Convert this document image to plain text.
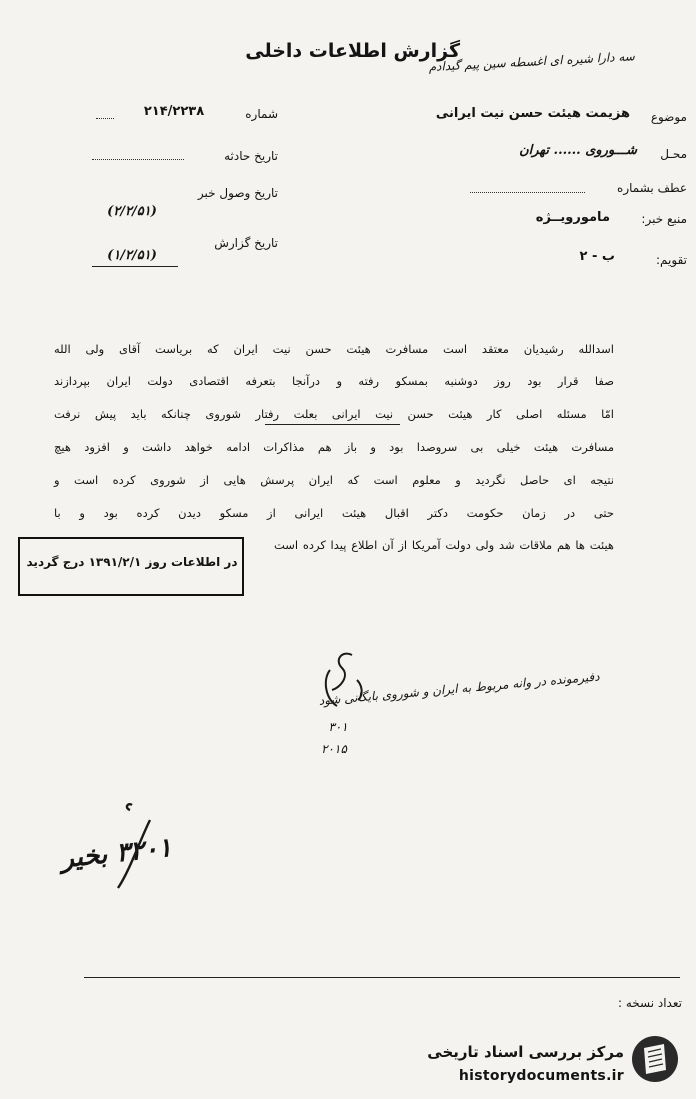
گزارش اطلاعات داخلی
سه دارا شیره ای اغسطه سین پیم گیدادم
موضوع
هزیمت هیئت حسن نیت ایرانی
محـل
شـــوروی ...... تهران
عطف بشماره
منبع خبر:
مامورویــژه
تقویم:
ب - ۲
شماره
۲۱۴/۲۲۳۸
تاریخ حادثه
تاریخ وصول خبر
(۲/۲/۵۱)
تاریخ گزارش
(۱/۲/۵۱)
اسدالله رشیدیان معتقد است مسافرت هیئت حسن نیت ایران که بریاست آقای ولی الله
صفا قرار بود روز دوشنبه بمسکو رفته و درآنجا بتعرفه اقتصادی دولت ایران بپردازند
امّا مسئله اصلی کار هیئت حسن نیت ایرانی بعلت رفتار شوروی چنانکه باید پیش نرفت
مسافرت هیئت خیلی بی سروصدا بود و باز هم مذاکرات ادامه خواهد داشت و افزود هیچ
نتیجه ای حاصل نگردید و معلوم است که ایران پرسش هایی از شوروی کرده است و
حتی در زمان حکومت دکتر اقبال هیئت ایرانی از مسکو دیدن کرده بود و با
هیئت ها هم ملاقات شد ولی دولت آمریکا از آن اطلاع پیدا کرده است
در اطلاعات روز ۱۳۹۱/۲/۱ درج گردید
دفیرمونده در وانه مربوط به ایران و شوروی بایگانی شود
۳۰۱
۲۰۱۵
۳۲۰۱ بخیر
تعداد نسخه :
مرکز بررسی اسناد تاریخی
historydocuments.ir
